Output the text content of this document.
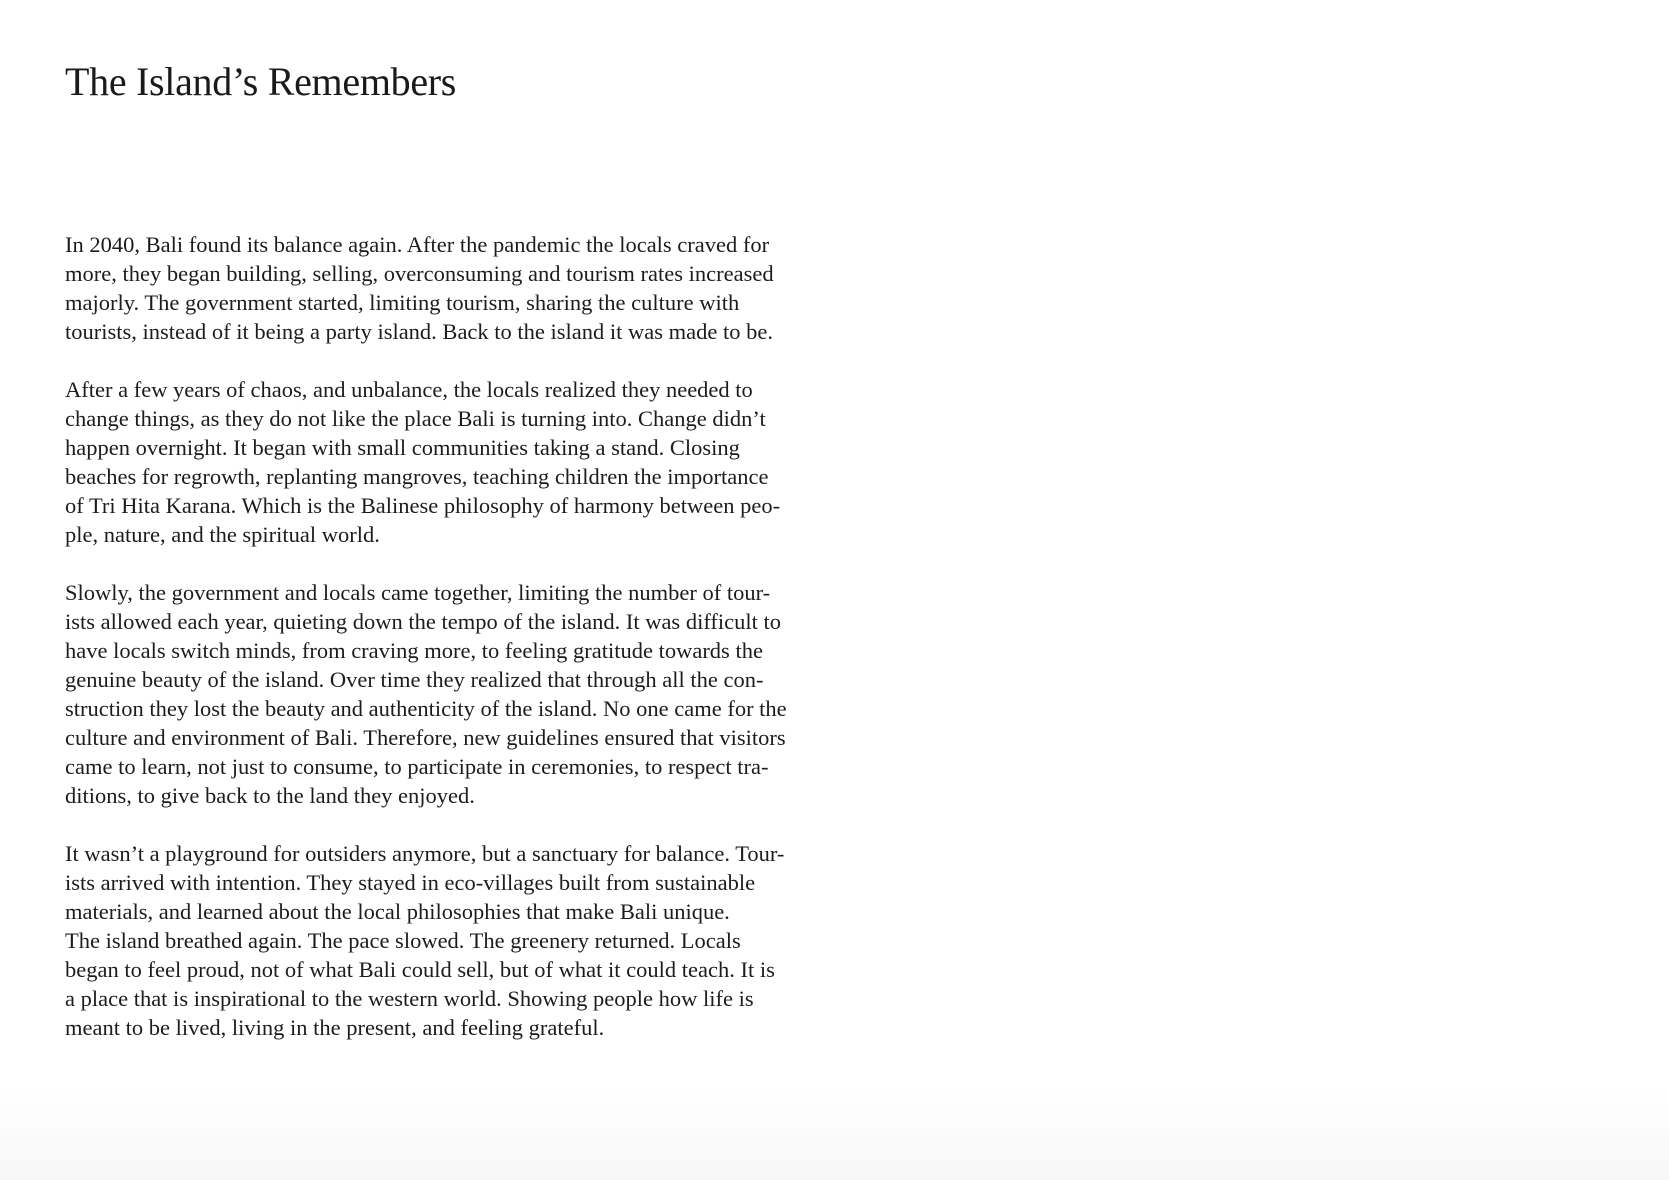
The Island’s Remembers

In 2040, Bali found its balance again. After the pandemic the locals craved for
more, they began building, selling, overconsuming and tourism rates increased
majorly. The government started, limiting tourism, sharing the culture with
tourists, instead of it being a party island. Back to the island it was made to be.

After a few years of chaos, and unbalance, the locals realized they needed to
change things, as they do not like the place Bali is turning into. Change didn’t
happen overnight. It began with small communities taking a stand. Closing
beaches for regrowth, replanting mangroves, teaching children the importance
of Tri Hita Karana. Which is the Balinese philosophy of harmony between peo-
ple, nature, and the spiritual world.

Slowly, the government and locals came together, limiting the number of tour-
ists allowed each year, quieting down the tempo of the island. It was difficult to
have locals switch minds, from craving more, to feeling gratitude towards the
genuine beauty of the island. Over time they realized that through all the con-
struction they lost the beauty and authenticity of the island. No one came for the
culture and environment of Bali. Therefore, new guidelines ensured that visitors
came to learn, not just to consume, to participate in ceremonies, to respect tra-
ditions, to give back to the land they enjoyed.

It wasn’t a playground for outsiders anymore, but a sanctuary for balance. Tour-
ists arrived with intention. They stayed in eco-villages built from sustainable
materials, and learned about the local philosophies that make Bali unique.
The island breathed again. The pace slowed. The greenery returned. Locals
began to feel proud, not of what Bali could sell, but of what it could teach. It is
a place that is inspirational to the western world. Showing people how life is
meant to be lived, living in the present, and feeling grateful.
